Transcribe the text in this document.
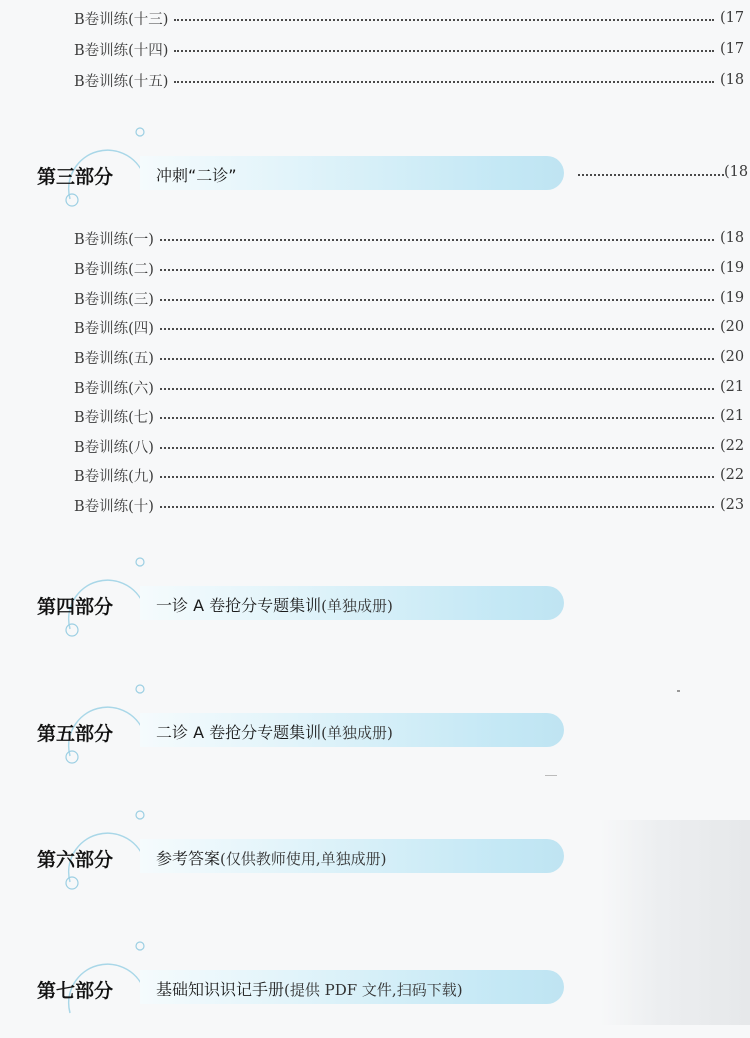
B卷训练(十三)	(17
B卷训练(十四)	(17
B卷训练(十五)	(18
第三部分	冲刺“二诊”	(18
B卷训练(一)	(18
B卷训练(二)	(19
B卷训练(三)	(19
B卷训练(四)	(20
B卷训练(五)	(20
B卷训练(六)	(21
B卷训练(七)	(21
B卷训练(八)	(22
B卷训练(九)	(22
B卷训练(十)	(23
第四部分	一诊 A 卷抢分专题集训(单独成册)
第五部分	二诊 A 卷抢分专题集训(单独成册)
第六部分	参考答案(仅供教师使用,单独成册)
第七部分	基础知识识记手册(提供 PDF 文件,扫码下载)
